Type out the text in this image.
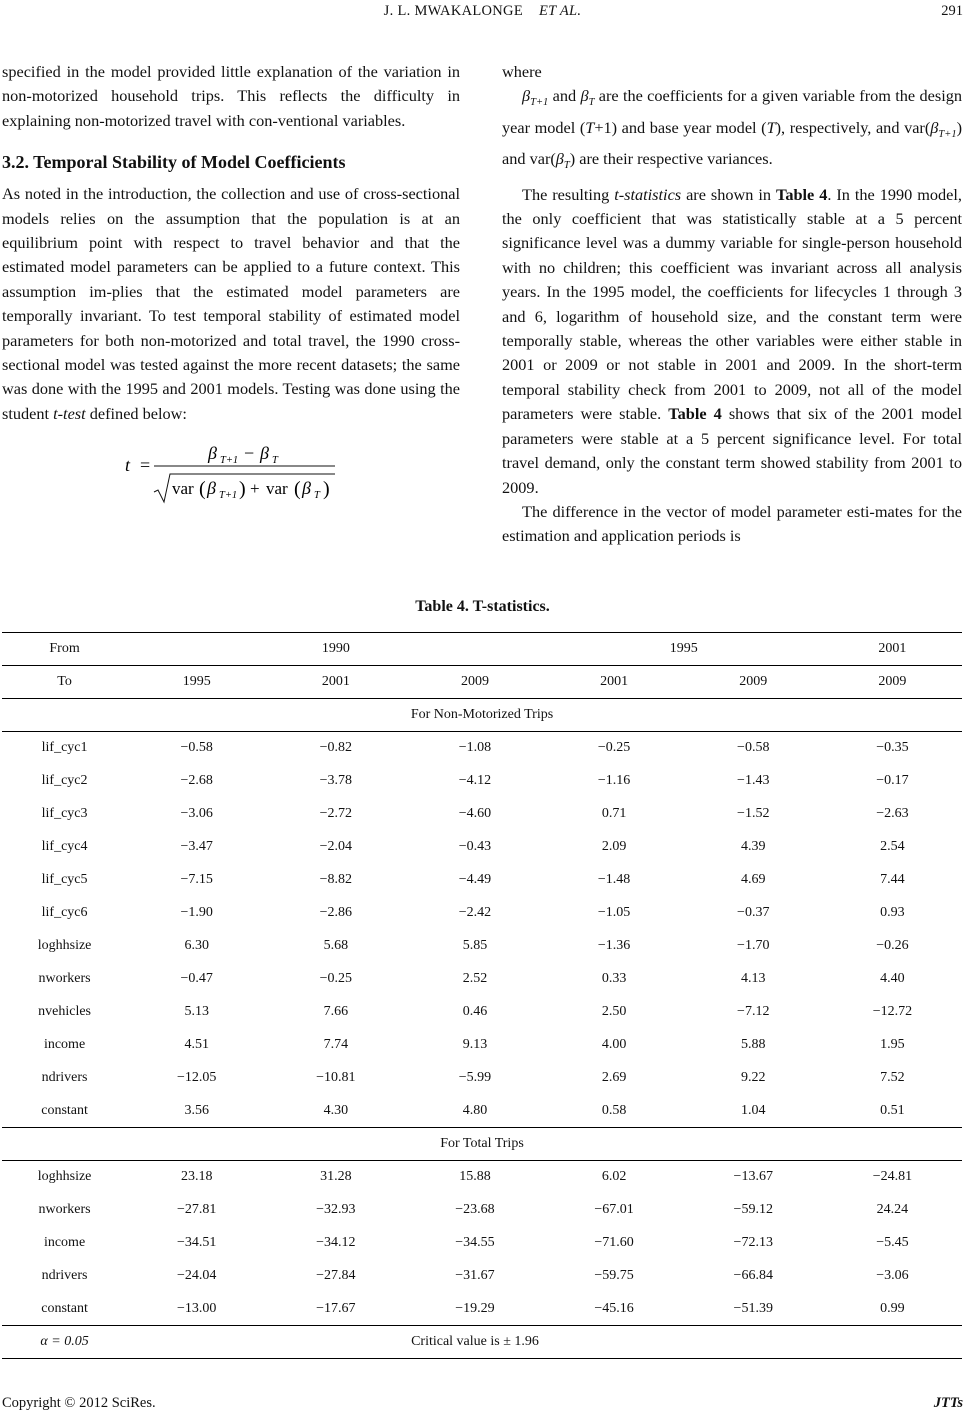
J. L. MWAKALONGE ET AL.	291

specified in the model provided little explanation of the variation in non-motorized household trips. This reflects the difficulty in explaining non-motorized travel with con-ventional variables.

3.2. Temporal Stability of Model Coefficients

As noted in the introduction, the collection and use of cross-sectional models relies on the assumption that the population is at an equilibrium point with respect to travel behavior and that the estimated model parameters can be applied to a future context. This assumption im-plies that the estimated model parameters are temporally invariant. To test temporal stability of estimated model parameters for both non-motorized and total travel, the 1990 cross-sectional model was tested against the more recent datasets; the same was done with the 1995 and 2001 models. Testing was done using the student t-test defined below:

t =
β T+1 − β T
var ( β T+1 ) + var ( β T )

where

$\beta_{T+1}$ and $\beta_T$ are the coefficients for a given variable from the design year model (T+1) and base year model (T), respectively, and $var(\beta_{T+1})$ and $var(\beta_T)$ are their respective variances.

The resulting t-statistics are shown in Table 4. In the 1990 model, the only coefficient that was statistically stable at a 5 percent significance level was a dummy variable for single-person household with no children; this coefficient was invariant across all analysis years. In the 1995 model, the coefficients for lifecycles 1 through 3 and 6, logarithm of household size, and the constant term were temporally stable, whereas the other variables were either stable in 2001 or 2009 or not stable in 2001 and 2009. In the short-term temporal stability check from 2001 to 2009, not all of the model parameters were stable. Table 4 shows that six of the 2001 model parameters were stable at a 5 percent significance level. For total travel demand, only the constant term showed stability from 2001 to 2009.

The difference in the vector of model parameter esti-mates for the estimation and application periods is

Table 4. T-statistics.
From	1990			1995		2001
To	1995	2001	2009	2001	2009	2009
For Non-Motorized Trips						
lif_cyc1	−0.58	−0.82	−1.08	−0.25	−0.58	−0.35
lif_cyc2	−2.68	−3.78	−4.12	−1.16	−1.43	−0.17
lif_cyc3	−3.06	−2.72	−4.60	0.71	−1.52	−2.63
lif_cyc4	−3.47	−2.04	−0.43	2.09	4.39	2.54
lif_cyc5	−7.15	−8.82	−4.49	−1.48	4.69	7.44
lif_cyc6	−1.90	−2.86	−2.42	−1.05	−0.37	0.93
loghhsize	6.30	5.68	5.85	−1.36	−1.70	−0.26
nworkers	−0.47	−0.25	2.52	0.33	4.13	4.40
nvehicles	5.13	7.66	0.46	2.50	−7.12	−12.72
income	4.51	7.74	9.13	4.00	5.88	1.95
ndrivers	−12.05	−10.81	−5.99	2.69	9.22	7.52
constant	3.56	4.30	4.80	0.58	1.04	0.51
For Total Trips						
loghhsize	23.18	31.28	15.88	6.02	−13.67	−24.81
nworkers	−27.81	−32.93	−23.68	−67.01	−59.12	24.24
income	−34.51	−34.12	−34.55	−71.60	−72.13	−5.45
ndrivers	−24.04	−27.84	−31.67	−59.75	−66.84	−3.06
constant	−13.00	−17.67	−19.29	−45.16	−51.39	0.99
α = 0.05	Critical value is ± 1.96					
Copyright © 2012 SciRes.	JTTs
